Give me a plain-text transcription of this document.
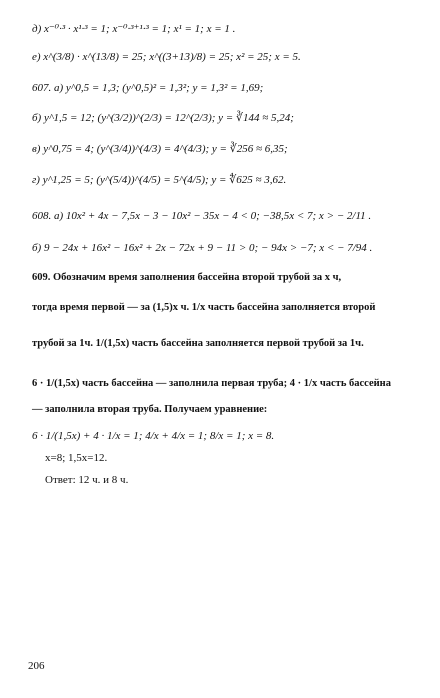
д) x⁻⁰·³ · x¹·³ = 1; x⁻⁰·³⁺¹·³ = 1; x¹ = 1; x = 1 .
е) x^(3/8) · x^(13/8) = 25; x^((3+13)/8) = 25; x² = 25; x = 5.
607. а) y^0,5 = 1,3; (y^0,5)² = 1,3²; y = 1,3² = 1,69;
б) y^1,5 = 12; (y^(3/2))^(2/3) = 12^(2/3); y = ∛144 ≈ 5,24;
в) y^0,75 = 4; (y^(3/4))^(4/3) = 4^(4/3); y = ∛256 ≈ 6,35;
г) y^1,25 = 5; (y^(5/4))^(4/5) = 5^(4/5); y = ∜625 ≈ 3,62.
608. а) 10x² + 4x − 7,5x − 3 − 10x² − 35x − 4 < 0; −38,5x < 7; x > − 2/11 .
б) 9 − 24x + 16x² − 16x² + 2x − 72x + 9 − 11 > 0; − 94x > −7; x < − 7/94 .
609. Обозначим время заполнения бассейна второй трубой за x ч,
тогда время первой — за (1,5)x ч. 1/x часть бассейна заполняется второй
трубой за 1ч. 1/(1,5x) часть бассейна заполняется первой трубой за 1ч.
6 · 1/(1,5x) часть бассейна — заполнила первая труба; 4 · 1/x часть бассейна
— заполнила вторая труба. Получаем уравнение:
6 · 1/(1,5x) + 4 · 1/x = 1; 4/x + 4/x = 1; 8/x = 1; x = 8.
x=8; 1,5x=12.
Ответ: 12 ч. и 8 ч.
206
